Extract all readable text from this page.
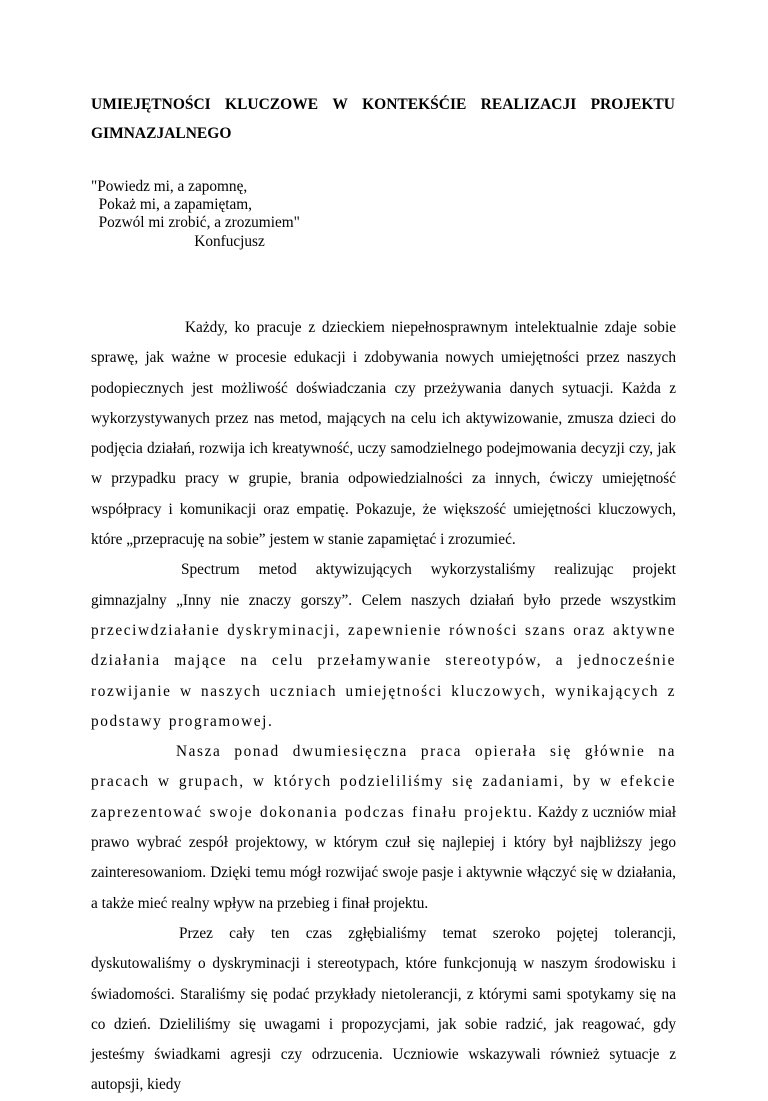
UMIEJĘTNOŚCI KLUCZOWE W KONTEKŚĆIE REALIZACJI PROJEKTU
GIMNAZJALNEGO
"Powiedz mi, a zapomnę,
Pokaż mi, a zapamiętam,
Pozwól mi zrobić, a zrozumiem"
Konfucjusz

Każdy, ko pracuje z dzieckiem niepełnosprawnym intelektualnie zdaje sobie sprawę, jak ważne w procesie edukacji i zdobywania nowych umiejętności przez naszych podopiecznych jest możliwość doświadczania czy przeżywania danych sytuacji. Każda z wykorzystywanych przez nas metod, mających na celu ich aktywizowanie, zmusza dzieci do podjęcia działań, rozwija ich kreatywność, uczy samodzielnego podejmowania decyzji czy, jak w przypadku pracy w grupie, brania odpowiedzialności za innych, ćwiczy umiejętność współpracy i komunikacji oraz empatię. Pokazuje, że większość umiejętności kluczowych, które „przepracuję na sobie” jestem w stanie zapamiętać i zrozumieć.

Spectrum metod aktywizujących wykorzystaliśmy realizując projekt gimnazjalny „Inny nie znaczy gorszy”. Celem naszych działań było przede wszystkim przeciwdziałanie dyskryminacji, zapewnienie równości szans oraz aktywne działania mające na celu przełamywanie stereotypów, a jednocześnie rozwijanie w naszych uczniach umiejętności kluczowych, wynikających z podstawy programowej.

Nasza ponad dwumiesięczna praca opierała się głównie na pracach w grupach, w których podzieliliśmy się zadaniami, by w efekcie zaprezentować swoje dokonania podczas finału projektu. Każdy z uczniów miał prawo wybrać zespół projektowy, w którym czuł się najlepiej i który był najbliższy jego zainteresowaniom. Dzięki temu mógł rozwijać swoje pasje i aktywnie włączyć się w działania, a także mieć realny wpływ na przebieg i finał projektu.

Przez cały ten czas zgłębialiśmy temat szeroko pojętej tolerancji, dyskutowaliśmy o dyskryminacji i stereotypach, które funkcjonują w naszym środowisku i świadomości. Staraliśmy się podać przykłady nietolerancji, z którymi sami spotykamy się na co dzień. Dzieliliśmy się uwagami i propozycjami, jak sobie radzić, jak reagować, gdy jesteśmy świadkami agresji czy odrzucenia. Uczniowie wskazywali również sytuacje z autopsji, kiedy
